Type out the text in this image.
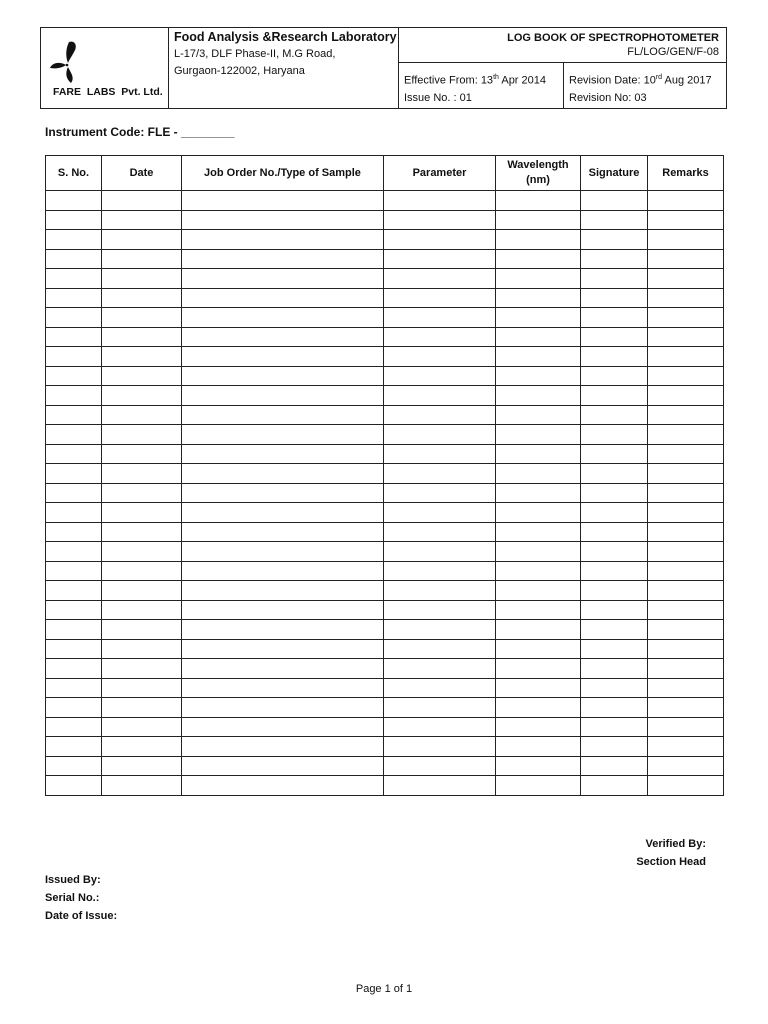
FARE  LABS  Pvt. Ltd.
Food Analysis &Research Laboratory
L-17/3, DLF Phase-II, M.G Road,
Gurgaon-122002, Haryana
LOG BOOK OF SPECTROPHOTOMETER
FL/LOG/GEN/F-08
Effective From: 13th Apr 2014
Issue No. : 01
Revision Date: 10rd Aug 2017
Revision No: 03
Instrument Code: FLE - ________
S. No.	Date	Job Order No./Type of Sample	Parameter	Wavelength (nm)	Signature	Remarks

Verified By:
Section Head
Issued By:
Serial No.:
Date of Issue:
Page 1 of 1
